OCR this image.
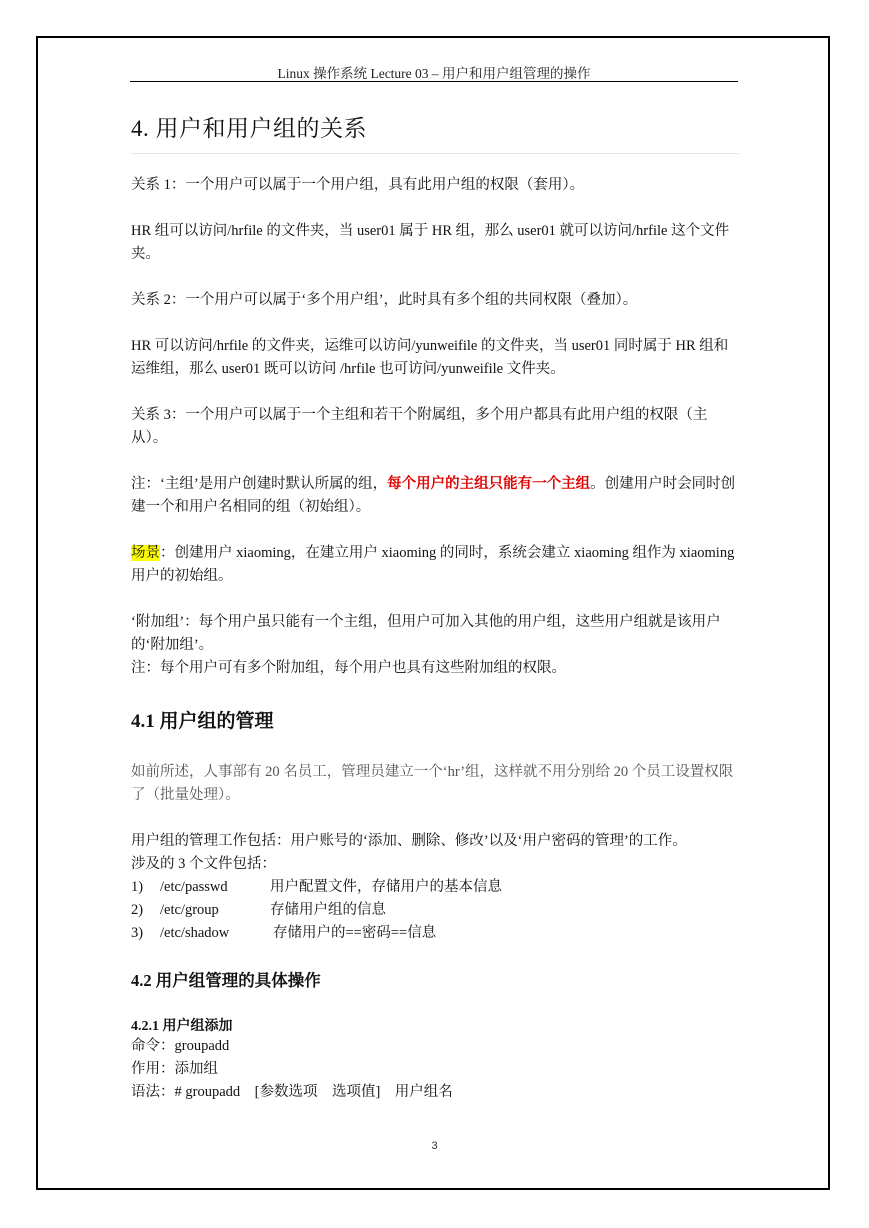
Linux 操作系统 Lecture 03 – 用户和用户组管理的操作
4. 用户和用户组的关系

关系 1：一个用户可以属于一个用户组，具有此用户组的权限（套用）。

HR 组可以访问/hrfile 的文件夹，当 user01 属于 HR 组，那么 user01 就可以访问/hrfile 这个文件夹。

关系 2：一个用户可以属于‘多个用户组’，此时具有多个组的共同权限（叠加）。

HR 可以访问/hrfile 的文件夹，运维可以访问/yunweifile 的文件夹，当 user01 同时属于 HR 组和运维组，那么 user01 既可以访问 /hrfile 也可访问/yunweifile 文件夹。

关系 3：一个用户可以属于一个主组和若干个附属组，多个用户都具有此用户组的权限（主从）。

注：‘主组’是用户创建时默认所属的组，每个用户的主组只能有一个主组。创建用户时会同时创建一个和用户名相同的组（初始组）。

场景：创建用户 xiaoming，在建立用户 xiaoming 的同时，系统会建立 xiaoming 组作为 xiaoming 用户的初始组。

‘附加组’：每个用户虽只能有一个主组，但用户可加入其他的用户组，这些用户组就是该用户的‘附加组’。

注：每个用户可有多个附加组，每个用户也具有这些附加组的权限。

4.1 用户组的管理

如前所述，人事部有 20 名员工，管理员建立一个‘hr’组，这样就不用分别给 20 个员工设置权限了（批量处理）。

用户组的管理工作包括：用户账号的‘添加、删除、修改’以及‘用户密码的管理’的工作。

涉及的 3 个文件包括：

1)	/etc/passwd	用户配置文件，存储用户的基本信息
2)	/etc/group	存储用户组的信息
3)	/etc/shadow	存储用户的==密码==信息
4.2 用户组管理的具体操作
4.2.1 用户组添加

命令：groupadd

作用：添加组

语法：# groupadd    [参数选项    选项值]    用户组名

3
